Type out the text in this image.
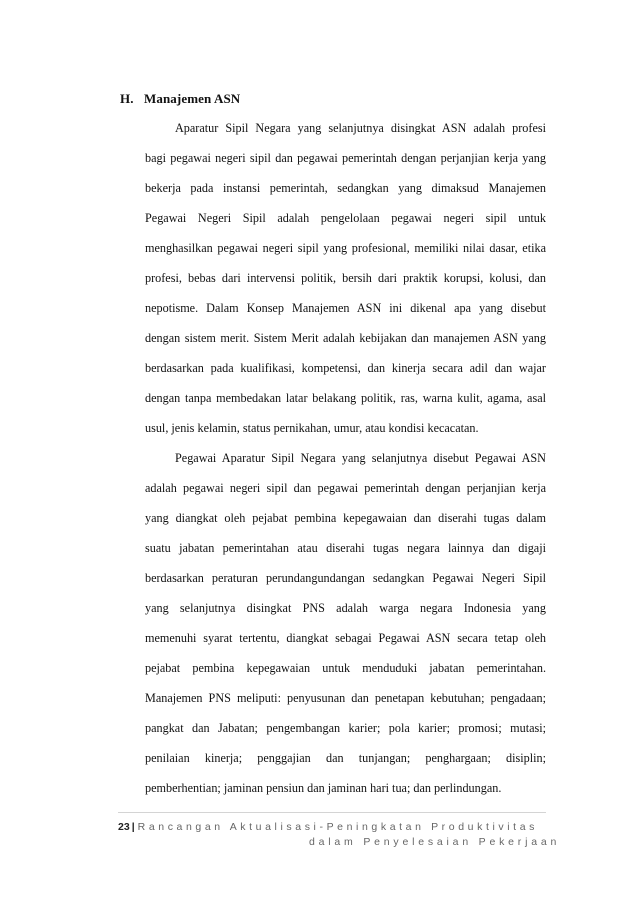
H. Manajemen ASN
Aparatur Sipil Negara yang selanjutnya disingkat ASN adalah profesi
bagi pegawai negeri sipil dan pegawai pemerintah dengan perjanjian kerja yang
bekerja pada instansi pemerintah, sedangkan yang dimaksud Manajemen
Pegawai Negeri Sipil adalah pengelolaan pegawai negeri sipil untuk
menghasilkan pegawai negeri sipil yang profesional, memiliki nilai dasar, etika
profesi, bebas dari intervensi politik, bersih dari praktik korupsi, kolusi, dan
nepotisme. Dalam Konsep Manajemen ASN ini dikenal apa yang disebut
dengan sistem merit. Sistem Merit adalah kebijakan dan manajemen ASN yang
berdasarkan pada kualifikasi, kompetensi, dan kinerja secara adil dan wajar
dengan tanpa membedakan latar belakang politik, ras, warna kulit, agama, asal
usul, jenis kelamin, status pernikahan, umur, atau kondisi kecacatan.
Pegawai Aparatur Sipil Negara yang selanjutnya disebut Pegawai ASN
adalah pegawai negeri sipil dan pegawai pemerintah dengan perjanjian kerja
yang diangkat oleh pejabat pembina kepegawaian dan diserahi tugas dalam
suatu jabatan pemerintahan atau diserahi tugas negara lainnya dan digaji
berdasarkan peraturan perundangundangan sedangkan Pegawai Negeri Sipil
yang selanjutnya disingkat PNS adalah warga negara Indonesia yang
memenuhi syarat tertentu, diangkat sebagai Pegawai ASN secara tetap oleh
pejabat pembina kepegawaian untuk menduduki jabatan pemerintahan.
Manajemen PNS meliputi: penyusunan dan penetapan kebutuhan; pengadaan;
pangkat dan Jabatan; pengembangan karier; pola karier; promosi; mutasi;
penilaian kinerja; penggajian dan tunjangan; penghargaan; disiplin;
pemberhentian; jaminan pensiun dan jaminan hari tua; dan perlindungan.
23 | Rancangan Aktualisasi-Peningkatan Produktivitas
dalam Penyelesaian Pekerjaan
